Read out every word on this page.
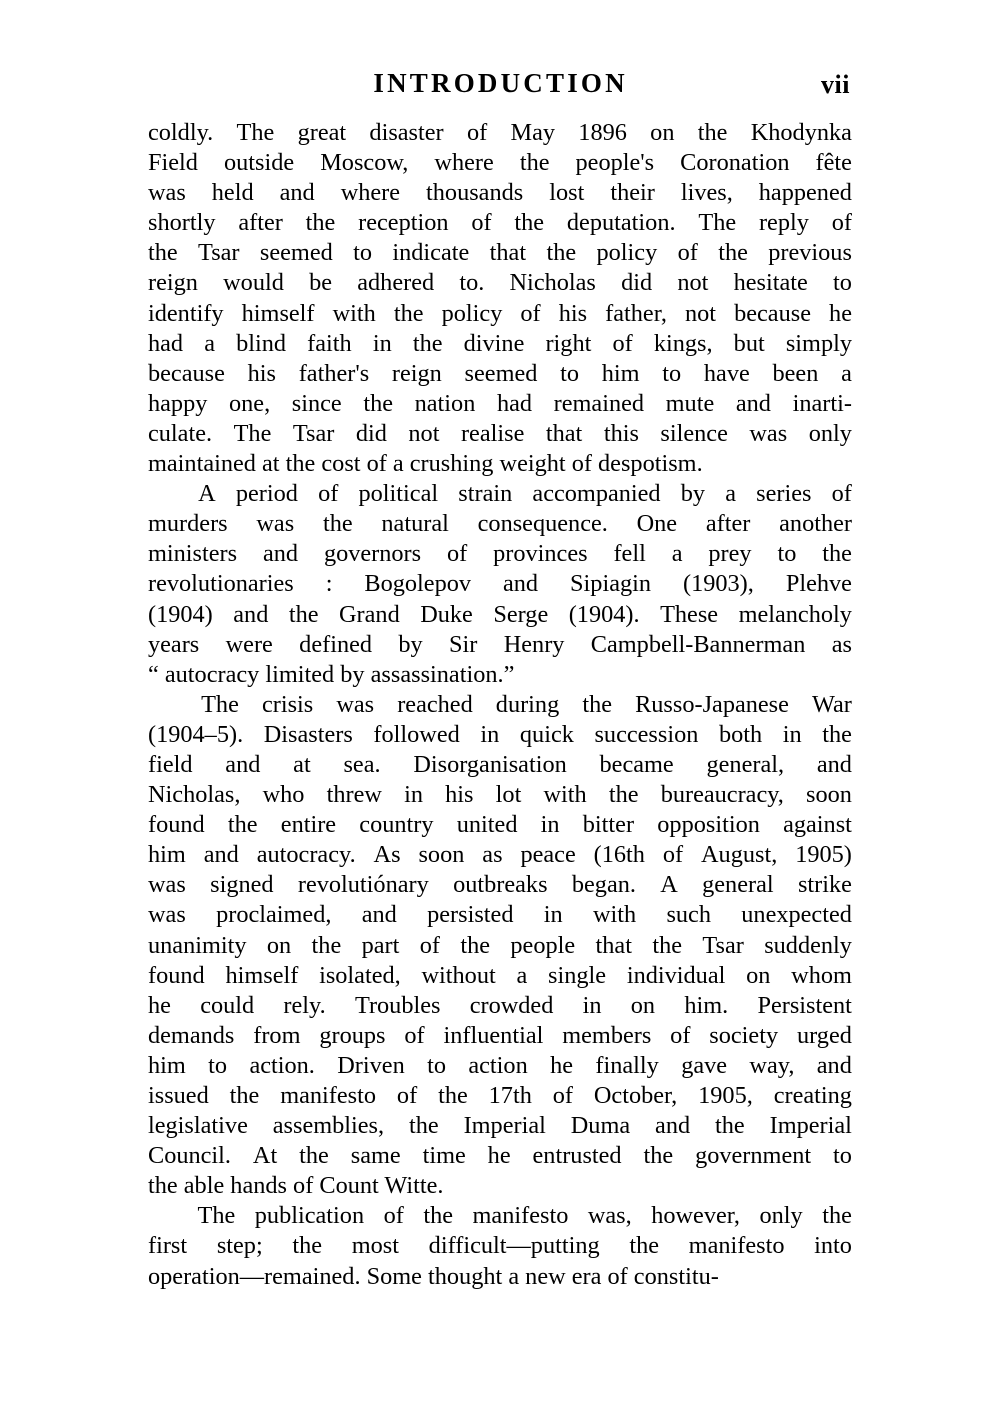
INTRODUCTION	vii

coldly. The great disaster of May 1896 on the Khodynka
Field outside Moscow, where the people's Coronation fête
was held and where thousands lost their lives, happened
shortly after the reception of the deputation. The reply of
the Tsar seemed to indicate that the policy of the previous
reign would be adhered to. Nicholas did not hesitate to
identify himself with the policy of his father, not because he
had a blind faith in the divine right of kings, but simply
because his father's reign seemed to him to have been a
happy one, since the nation had remained mute and inarti-
culate. The Tsar did not realise that this silence was only
maintained at the cost of a crushing weight of despotism.

A period of political strain accompanied by a series of
murders was the natural consequence. One after another
ministers and governors of provinces fell a prey to the
revolutionaries : Bogolepov and Sipiagin (1903), Plehve
(1904) and the Grand Duke Serge (1904). These melancholy
years were defined by Sir Henry Campbell-Bannerman as
“ autocracy limited by assassination.”

The crisis was reached during the Russo-Japanese War
(1904–5). Disasters followed in quick succession both in the
field and at sea. Disorganisation became general, and
Nicholas, who threw in his lot with the bureaucracy, soon
found the entire country united in bitter opposition against
him and autocracy. As soon as peace (16th of August, 1905)
was signed revolutiónary outbreaks began. A general strike
was proclaimed, and persisted in with such unexpected
unanimity on the part of the people that the Tsar suddenly
found himself isolated, without a single individual on whom
he could rely. Troubles crowded in on him. Persistent
demands from groups of influential members of society urged
him to action. Driven to action he finally gave way, and
issued the manifesto of the 17th of October, 1905, creating
legislative assemblies, the Imperial Duma and the Imperial
Council. At the same time he entrusted the government to
the able hands of Count Witte.

The publication of the manifesto was, however, only the
first step; the most difficult—putting the manifesto into
operation—remained. Some thought a new era of constitu-
